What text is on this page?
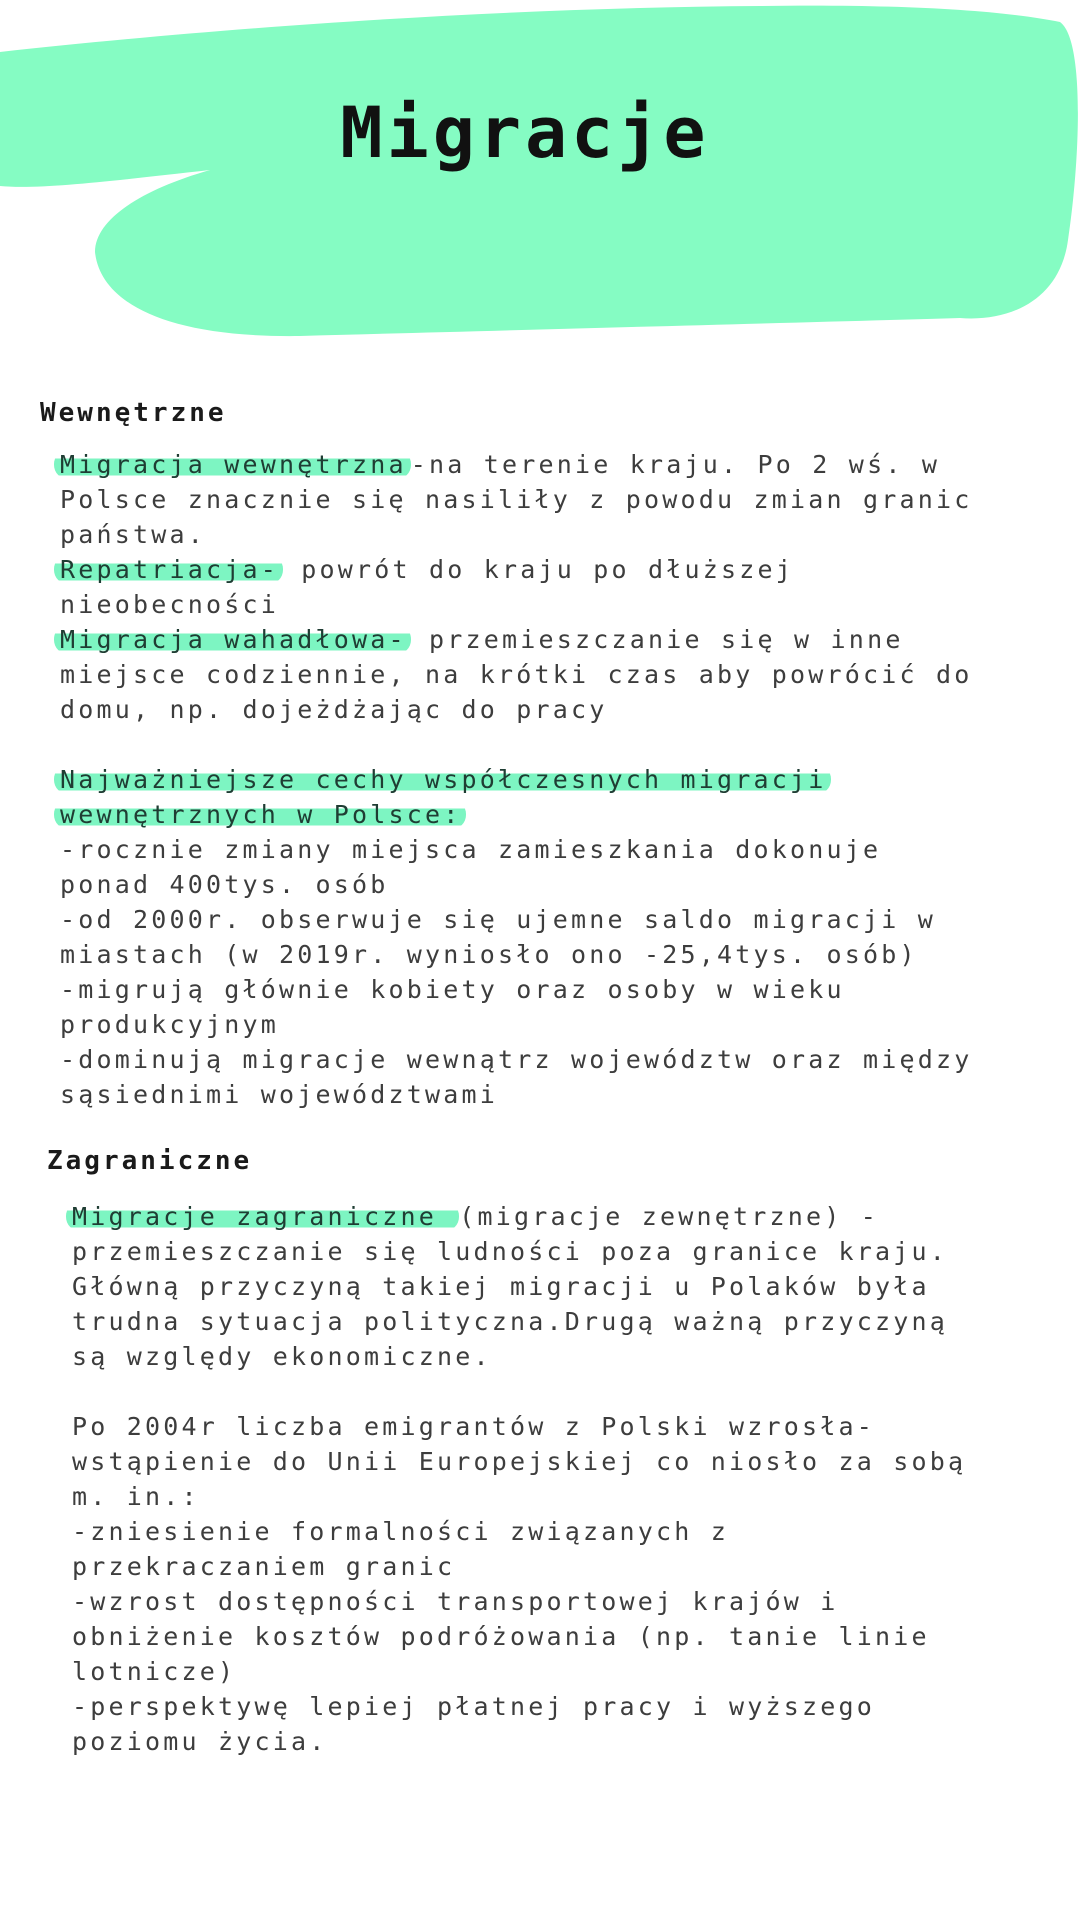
Migracje
Wewnętrzne
Migracja wewnętrzna -na terenie kraju. Po 2 wś. w
Polsce znacznie się nasiliły z powodu zmian granic
państwa.
Repatriacja- powrót do kraju po dłuższej
nieobecności
Migracja wahadłowa- przemieszczanie się w inne
miejsce codziennie, na krótki czas aby powrócić do
domu, np. dojeżdżając do pracy
Najważniejsze cechy współczesnych migracji
wewnętrznych w Polsce:
-rocznie zmiany miejsca zamieszkania dokonuje
ponad 400tys. osób
-od 2000r. obserwuje się ujemne saldo migracji w
miastach (w 2019r. wyniosło ono -25,4tys. osób)
-migrują głównie kobiety oraz osoby w wieku
produkcyjnym
-dominują migracje wewnątrz województw oraz między
sąsiednimi województwami
Zagraniczne
Migracje zagraniczne (migracje zewnętrzne) -
przemieszczanie się ludności poza granice kraju.
Główną przyczyną takiej migracji u Polaków była
trudna sytuacja polityczna.Drugą ważną przyczyną
są względy ekonomiczne.
Po 2004r liczba emigrantów z Polski wzrosła-
wstąpienie do Unii Europejskiej co niosło za sobą
m. in.:
-zniesienie formalności związanych z
przekraczaniem granic
-wzrost dostępności transportowej krajów i
obniżenie kosztów podróżowania (np. tanie linie
lotnicze)
-perspektywę lepiej płatnej pracy i wyższego
poziomu życia.
